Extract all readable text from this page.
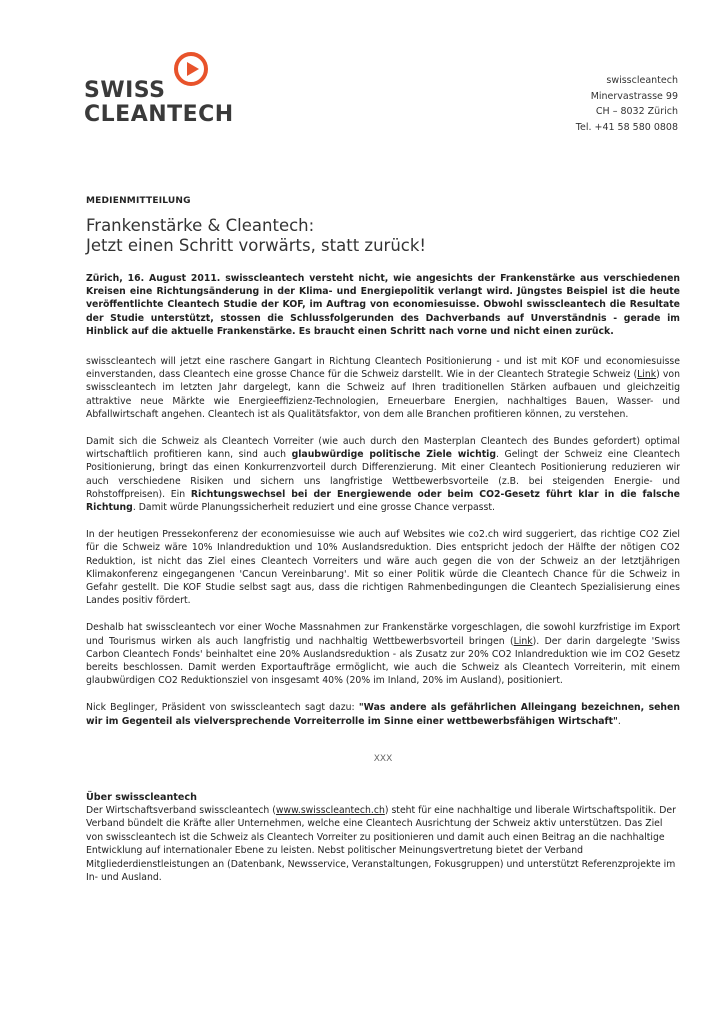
SWISS
CLEANTECH
swisscleantech
Minervastrasse 99
CH – 8032 Zürich
Tel. +41 58 580 0808

MEDIENMITTEILUNG

Frankenstärke & Cleantech:
Jetzt einen Schritt vorwärts, statt zurück!

Zürich, 16. August 2011. swisscleantech versteht nicht, wie angesichts der Frankenstärke aus verschiedenen Kreisen eine Richtungsänderung in der Klima- und Energiepolitik verlangt wird. Jüngstes Beispiel ist die heute veröffentlichte Cleantech Studie der KOF, im Auftrag von economiesuisse. Obwohl swisscleantech die Resultate der Studie unterstützt, stossen die Schlussfolgerunden des Dachverbands auf Unverständnis - gerade im Hinblick auf die aktuelle Frankenstärke. Es braucht einen Schritt nach vorne und nicht einen zurück.

swisscleantech will jetzt eine raschere Gangart in Richtung Cleantech Positionierung - und ist mit KOF und economiesuisse einverstanden, dass Cleantech eine grosse Chance für die Schweiz darstellt. Wie in der Cleantech Strategie Schweiz (Link) von swisscleantech im letzten Jahr dargelegt, kann die Schweiz auf Ihren traditionellen Stärken aufbauen und gleichzeitig attraktive neue Märkte wie Energieeffizienz-Technologien, Erneuerbare Energien, nachhaltiges Bauen, Wasser- und Abfallwirtschaft angehen. Cleantech ist als Qualitätsfaktor, von dem alle Branchen profitieren können, zu verstehen.

Damit sich die Schweiz als Cleantech Vorreiter (wie auch durch den Masterplan Cleantech des Bundes gefordert) optimal wirtschaftlich profitieren kann, sind auch glaubwürdige politische Ziele wichtig. Gelingt der Schweiz eine Cleantech Positionierung, bringt das einen Konkurrenzvorteil durch Differenzierung. Mit einer Cleantech Positionierung reduzieren wir auch verschiedene Risiken und sichern uns langfristige Wettbewerbsvorteile (z.B. bei steigenden Energie- und Rohstoffpreisen). Ein Richtungswechsel bei der Energiewende oder beim CO2-Gesetz führt klar in die falsche Richtung. Damit würde Planungssicherheit reduziert und eine grosse Chance verpasst.

In der heutigen Pressekonferenz der economiesuisse wie auch auf Websites wie co2.ch wird suggeriert, das richtige CO2 Ziel für die Schweiz wäre 10% Inlandreduktion und 10% Auslandsreduktion. Dies entspricht jedoch der Hälfte der nötigen CO2 Reduktion, ist nicht das Ziel eines Cleantech Vorreiters und wäre auch gegen die von der Schweiz an der letztjährigen Klimakonferenz eingegangenen 'Cancun Vereinbarung'. Mit so einer Politik würde die Cleantech Chance für die Schweiz in Gefahr gestellt. Die KOF Studie selbst sagt aus, dass die richtigen Rahmenbedingungen die Cleantech Spezialisierung eines Landes positiv fördert.

Deshalb hat swisscleantech vor einer Woche Massnahmen zur Frankenstärke vorgeschlagen, die sowohl kurzfristige im Export und Tourismus wirken als auch langfristig und nachhaltig Wettbewerbsvorteil bringen (Link). Der darin dargelegte 'Swiss Carbon Cleantech Fonds' beinhaltet eine 20% Auslandsreduktion - als Zusatz zur 20% CO2 Inlandreduktion wie im CO2 Gesetz bereits beschlossen. Damit werden Exportaufträge ermöglicht, wie auch die Schweiz als Cleantech Vorreiterin, mit einem glaubwürdigen CO2 Reduktionsziel von insgesamt 40% (20% im Inland, 20% im Ausland), positioniert.

Nick Beglinger, Präsident von swisscleantech sagt dazu: "Was andere als gefährlichen Alleingang bezeichnen, sehen wir im Gegenteil als vielversprechende Vorreiterrolle im Sinne einer wettbewerbsfähigen Wirtschaft".

XXX

Über swisscleantech

Der Wirtschaftsverband swisscleantech (www.swisscleantech.ch) steht für eine nachhaltige und liberale Wirtschaftspolitik. Der Verband bündelt die Kräfte aller Unternehmen, welche eine Cleantech Ausrichtung der Schweiz aktiv unterstützen. Das Ziel von swisscleantech ist die Schweiz als Cleantech Vorreiter zu positionieren und damit auch einen Beitrag an die nachhaltige Entwicklung auf internationaler Ebene zu leisten. Nebst politischer Meinungsvertretung bietet der Verband Mitgliederdienstleistungen an (Datenbank, Newsservice, Veranstaltungen, Fokusgruppen) und unterstützt Referenzprojekte im In- und Ausland.
